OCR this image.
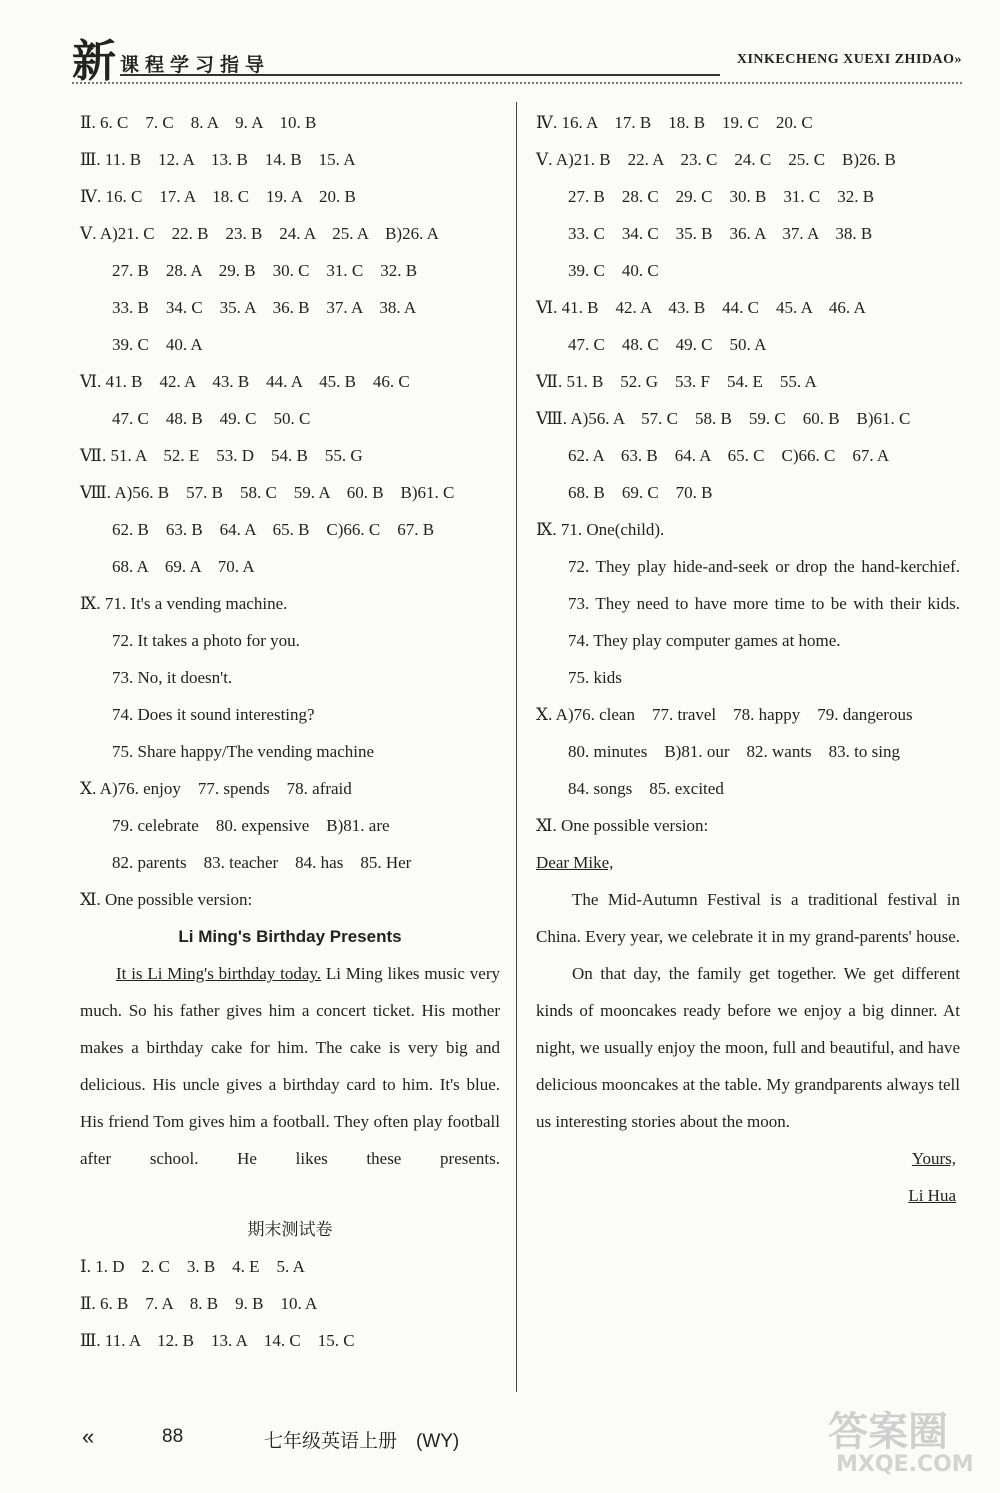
新 课程学习指导	XINKECHENG XUEXI ZHIDAO»
Ⅱ. 6. C　7. C　8. A　9. A　10. B
Ⅲ. 11. B　12. A　13. B　14. B　15. A
Ⅳ. 16. C　17. A　18. C　19. A　20. B
Ⅴ. A)21. C　22. B　23. B　24. A　25. A　B)26. A
27. B　28. A　29. B　30. C　31. C　32. B
33. B　34. C　35. A　36. B　37. A　38. A
39. C　40. A
Ⅵ. 41. B　42. A　43. B　44. A　45. B　46. C
47. C　48. B　49. C　50. C
Ⅶ. 51. A　52. E　53. D　54. B　55. G
Ⅷ. A)56. B　57. B　58. C　59. A　60. B　B)61. C
62. B　63. B　64. A　65. B　C)66. C　67. B
68. A　69. A　70. A
Ⅸ. 71. It's a vending machine.
72. It takes a photo for you.
73. No, it doesn't.
74. Does it sound interesting?
75. Share happy/The vending machine
Ⅹ. A)76. enjoy　77. spends　78. afraid
79. celebrate　80. expensive　B)81. are
82. parents　83. teacher　84. has　85. Her
Ⅺ. One possible version:
Li Ming's Birthday Presents
It is Li Ming's birthday today. Li Ming likes music very much. So his father gives him a concert ticket. His mother makes a birthday cake for him. The cake is very big and delicious. His uncle gives a birthday card to him. It's blue. His friend Tom gives him a football. They often play football after school. He likes these presents.
期末测试卷
Ⅰ. 1. D　2. C　3. B　4. E　5. A
Ⅱ. 6. B　7. A　8. B　9. B　10. A
Ⅲ. 11. A　12. B　13. A　14. C　15. C
Ⅳ. 16. A　17. B　18. B　19. C　20. C
Ⅴ. A)21. B　22. A　23. C　24. C　25. C　B)26. B
27. B　28. C　29. C　30. B　31. C　32. B
33. C　34. C　35. B　36. A　37. A　38. B
39. C　40. C
Ⅵ. 41. B　42. A　43. B　44. C　45. A　46. A
47. C　48. C　49. C　50. A
Ⅶ. 51. B　52. G　53. F　54. E　55. A
Ⅷ. A)56. A　57. C　58. B　59. C　60. B　B)61. C
62. A　63. B　64. A　65. C　C)66. C　67. A
68. B　69. C　70. B
Ⅸ. 71. One(child).
72. They play hide-and-seek or drop the hand-kerchief.
73. They need to have more time to be with their kids.
74. They play computer games at home.
75. kids
Ⅹ. A)76. clean　77. travel　78. happy　79. dangerous
80. minutes　B)81. our　82. wants　83. to sing
84. songs　85. excited
Ⅺ. One possible version:
Dear Mike,
The Mid-Autumn Festival is a traditional festival in China. Every year, we celebrate it in my grand-parents' house.
On that day, the family get together. We get different kinds of mooncakes ready before we enjoy a big dinner. At night, we usually enjoy the moon, full and beautiful, and have delicious mooncakes at the table. My grandparents always tell us interesting stories about the moon.
Yours,
Li Hua
«	88	七年级英语上册　(WY)	答案圈
MXQE.COM
